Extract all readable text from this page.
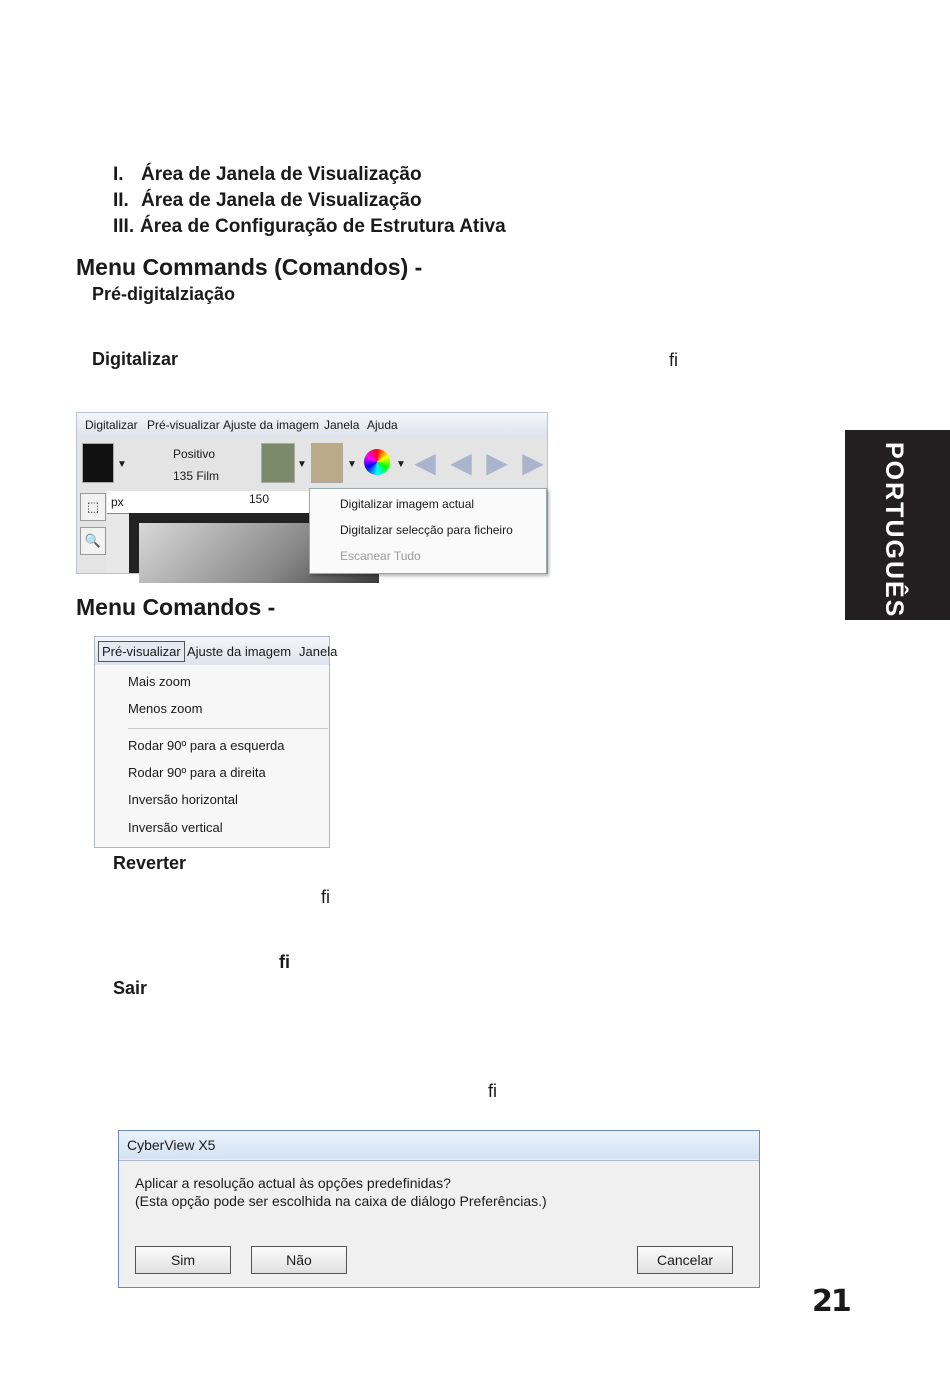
I. Área de Janela de Visualização
II. Área de Janela de Visualização
III. Área de Configuração de Estrutura Ativa
Menu Commands (Comandos) -
Pré-digitalziação
Digitalizar	fi
Digitalizar Pré-visualizar Ajuste da imagem Janela Ajuda
▼
Positivo
135 Film
▼	▼	▼ ◀ ◀ ▶ ▶
⬚
🔍
px	150	Digitalizar imagem actual
Digitalizar selecção para ficheiro
Escanear Tudo
Menu Comandos -
Pré-visualizar Ajuste da imagem Janela
Mais zoom
Menos zoom
Rodar 90º para a esquerda
Rodar 90º para a direita
Inversão horizontal
Inversão vertical
Reverter
fi
fi
Sair
fi
CyberView X5
Aplicar a resolução actual às opções predefinidas?
(Esta opção pode ser escolhida na caixa de diálogo Preferências.)
Sim	Não	Cancelar
PORTUGUÊS
21
